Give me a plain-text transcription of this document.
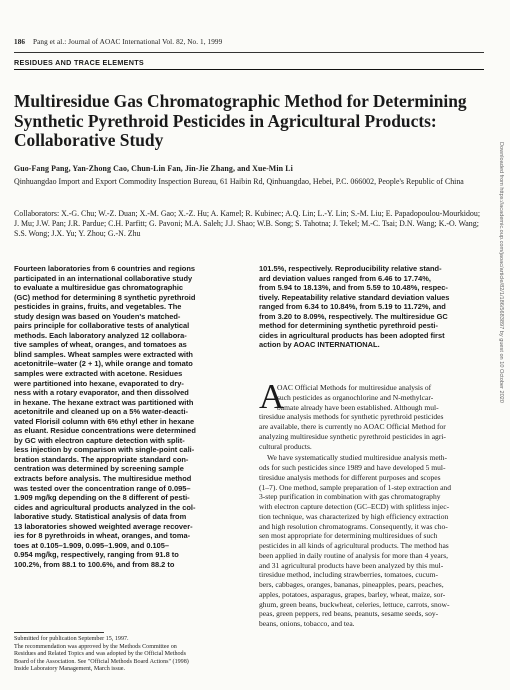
186 Pang et al.: Journal of AOAC International Vol. 82, No. 1, 1999
RESIDUES AND TRACE ELEMENTS
Multiresidue Gas Chromatographic Method for Determining Synthetic Pyrethroid Pesticides in Agricultural Products: Collaborative Study
Guo-Fang Pang, Yan-Zhong Cao, Chun-Lin Fan, Jin-Jie Zhang, and Xue-Min Li
Qinhuangdao Import and Export Commodity Inspection Bureau, 61 Haibin Rd, Qinhuangdao, Hebei, P.C. 066002, People's Republic of China
Collaborators: X.-G. Chu; W.-Z. Duan; X.-M. Gao; X.-Z. Hu; A. Kamel; R. Kubinec; A.Q. Lin; L.-Y. Lin; S.-M. Liu; E. Papadopoulou-Mourkidou; J. Mu; J.W. Pan; J.R. Pardue; C.H. Parfitt; G. Pavoni; M.A. Saleh; J.J. Shao; W.B. Song; S. Tahotna; J. Tekel; M.-C. Tsai; D.N. Wang; K.-O. Wang; S.S. Wong; J.X. Yu; Y. Zhou; G.-N. Zhu
Fourteen laboratories from 6 countries and regions
participated in an international collaborative study
to evaluate a multiresidue gas chromatographic
(GC) method for determining 8 synthetic pyrethroid
pesticides in grains, fruits, and vegetables. The
study design was based on Youden's matched-
pairs principle for collaborative tests of analytical
methods. Each laboratory analyzed 12 collabora-
tive samples of wheat, oranges, and tomatoes as
blind samples. Wheat samples were extracted with
acetonitrile–water (2 + 1), while orange and tomato
samples were extracted with acetone. Residues
were partitioned into hexane, evaporated to dry-
ness with a rotary evaporator, and then dissolved
in hexane. The hexane extract was partitioned with
acetonitrile and cleaned up on a 5% water-deacti-
vated Florisil column with 6% ethyl ether in hexane
as eluant. Residue concentrations were determined
by GC with electron capture detection with split-
less injection by comparison with single-point cali-
bration standards. The appropriate standard con-
centration was determined by screening sample
extracts before analysis. The multiresidue method
was tested over the concentration range of 0.095–
1.909 mg/kg depending on the 8 different of pesti-
cides and agricultural products analyzed in the col-
laborative study. Statistical analysis of data from
13 laboratories showed weighted average recover-
ies for 8 pyrethroids in wheat, oranges, and toma-
toes at 0.105–1.909, 0.095–1.909, and 0.105–
0.954 mg/kg, respectively, ranging from 91.8 to
100.2%, from 88.1 to 100.6%, and from 88.2 to
101.5%, respectively. Reproducibility relative stand-
ard deviation values ranged from 6.46 to 17.74%,
from 5.94 to 18.13%, and from 5.59 to 10.48%, respec-
tively. Repeatability relative standard deviation values
ranged from 6.34 to 10.84%, from 5.19 to 11.72%, and
from 3.20 to 8.09%, respectively. The multiresidue GC
method for determining synthetic pyrethroid pesti-
cides in agricultural products has been adopted first
action by AOAC INTERNATIONAL.
A
OAC Official Methods for multiresidue analysis of
such pesticides as organochlorine and N-methylcar-
bamate already have been established. Although mul-
tiresidue analysis methods for synthetic pyrethroid pesticides
are available, there is currently no AOAC Official Method for
analyzing multiresidue synthetic pyrethroid pesticides in agri-
cultural products.
We have systematically studied multiresidue analysis meth-
ods for such pesticides since 1989 and have developed 5 mul-
tiresidue analysis methods for different purposes and scopes
(1–7). One method, sample preparation of 1-step extraction and
3-step purification in combination with gas chromatography
with electron capture detection (GC–ECD) with splitless injec-
tion technique, was characterized by high efficiency extraction
and high resolution chromatograms. Consequently, it was cho-
sen most appropriate for determining multiresidues of such
pesticides in all kinds of agricultural products. The method has
been applied in daily routine of analysis for more than 4 years,
and 31 agricultural products have been analyzed by this mul-
tiresidue method, including strawberries, tomatoes, cucum-
bers, cabbages, oranges, bananas, pineapples, pears, peaches,
apples, potatoes, asparagus, grapes, barley, wheat, maize, sor-
ghum, green beans, buckwheat, celeries, lettuce, carrots, snow-
peas, green peppers, red beans, peanuts, sesame seeds, soy-
beans, onions, tobacco, and tea.
Submitted for publication September 15, 1997.
The recommendation was approved by the Methods Committee on
Residues and Related Topics and was adopted by the Official Methods
Board of the Association. See "Official Methods Board Actions" (1998)
Inside Laboratory Management, March issue.
Downloaded from https://academic.oup.com/jaoac/article/82/1/186/5683897 by guest on 10 October 2020
